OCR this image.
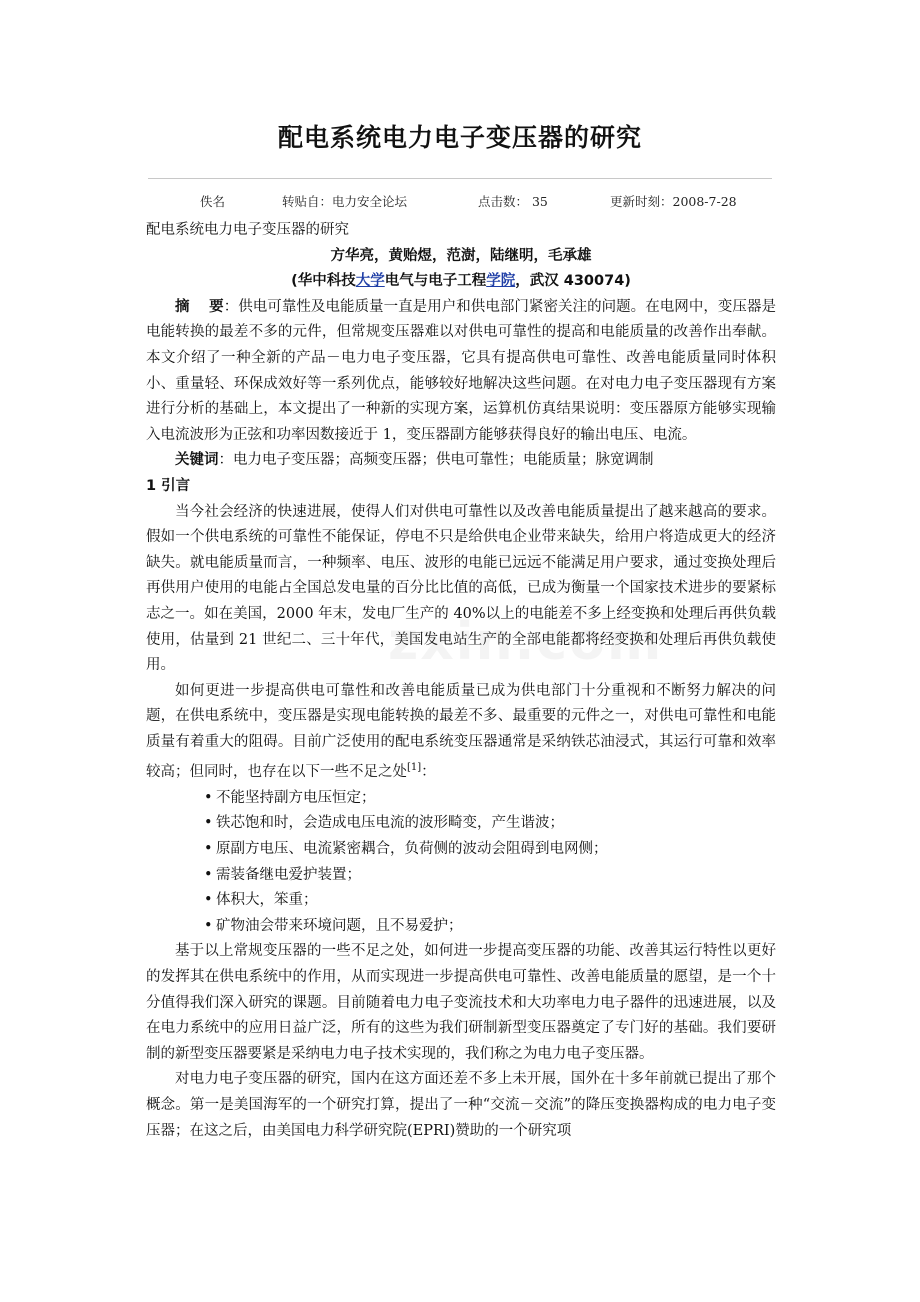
配电系统电力电子变压器的研究
佚名	转贴自：电力安全论坛	点击数： 35	更新时刻：2008-7-28

配电系统电力电子变压器的研究

方华亮，黄贻煜，范澍，陆继明，毛承雄

(华中科技大学电气与电子工程学院，武汉 430074)

摘　 要：供电可靠性及电能质量一直是用户和供电部门紧密关注的问题。在电网中，变压器是电能转换的最差不多的元件，但常规变压器难以对供电可靠性的提高和电能质量的改善作出奉献。本文介绍了一种全新的产品－电力电子变压器，它具有提高供电可靠性、改善电能质量同时体积小、重量轻、环保成效好等一系列优点，能够较好地解决这些问题。在对电力电子变压器现有方案进行分析的基础上，本文提出了一种新的实现方案，运算机仿真结果说明：变压器原方能够实现输入电流波形为正弦和功率因数接近于 1，变压器副方能够获得良好的输出电压、电流。

关键词：电力电子变压器；高频变压器；供电可靠性；电能质量；脉宽调制

1 引言

当今社会经济的快速进展，使得人们对供电可靠性以及改善电能质量提出了越来越高的要求。假如一个供电系统的可靠性不能保证，停电不只是给供电企业带来缺失，给用户将造成更大的经济缺失。就电能质量而言，一种频率、电压、波形的电能已远远不能满足用户要求，通过变换处理后再供用户使用的电能占全国总发电量的百分比比值的高低，已成为衡量一个国家技术进步的要紧标志之一。如在美国，2000 年末，发电厂生产的 40%以上的电能差不多上经变换和处理后再供负载使用，估量到 21 世纪二、三十年代，美国发电站生产的全部电能都将经变换和处理后再供负载使用。

如何更进一步提高供电可靠性和改善电能质量已成为供电部门十分重视和不断努力解决的问题，在供电系统中，变压器是实现电能转换的最差不多、最重要的元件之一，对供电可靠性和电能质量有着重大的阻碍。目前广泛使用的配电系统变压器通常是采纳铁芯油浸式，其运行可靠和效率较高；但同时，也存在以下一些不足之处[1]：

• 不能坚持副方电压恒定；

• 铁芯饱和时，会造成电压电流的波形畸变，产生谐波；

• 原副方电压、电流紧密耦合，负荷侧的波动会阻碍到电网侧；

• 需装备继电爱护装置；

• 体积大，笨重；

• 矿物油会带来环境问题，且不易爱护；

基于以上常规变压器的一些不足之处，如何进一步提高变压器的功能、改善其运行特性以更好的发挥其在供电系统中的作用，从而实现进一步提高供电可靠性、改善电能质量的愿望，是一个十分值得我们深入研究的课题。目前随着电力电子变流技术和大功率电力电子器件的迅速进展，以及在电力系统中的应用日益广泛，所有的这些为我们研制新型变压器奠定了专门好的基础。我们要研制的新型变压器要紧是采纳电力电子技术实现的，我们称之为电力电子变压器。

对电力电子变压器的研究，国内在这方面还差不多上未开展，国外在十多年前就已提出了那个概念。第一是美国海军的一个研究打算，提出了一种“交流－交流”的降压变换器构成的电力电子变压器；在这之后，由美国电力科学研究院(EPRI)赞助的一个研究项
